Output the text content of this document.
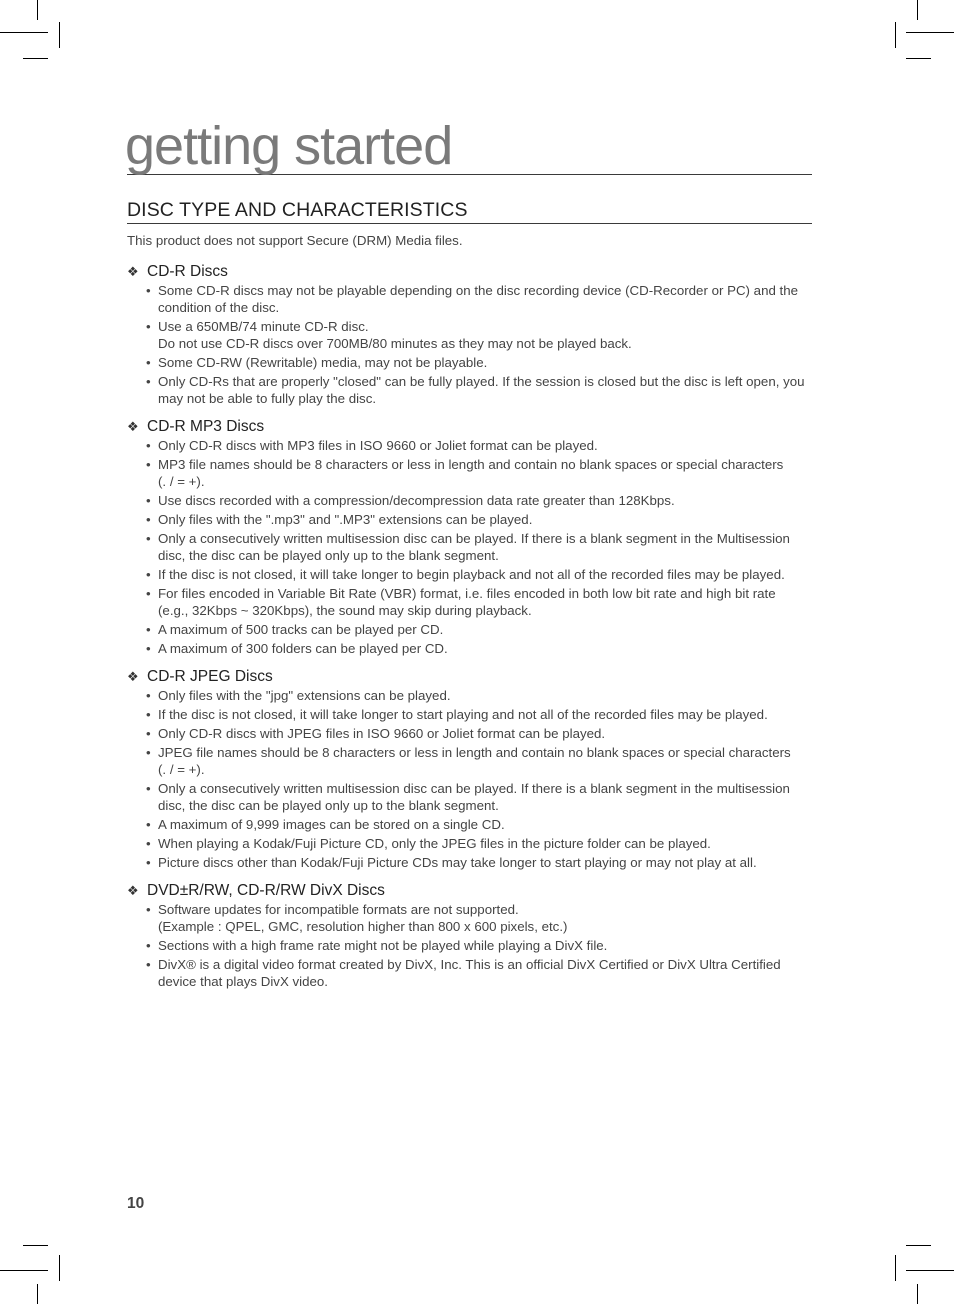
getting started
DISC TYPE AND CHARACTERISTICS
This product does not support Secure (DRM) Media files.
❖ CD-R Discs
• Some CD-R discs may not be playable depending on the disc recording device (CD-Recorder or PC) and the condition of the disc.
• Use a 650MB/74 minute CD-R disc.
Do not use CD-R discs over 700MB/80 minutes as they may not be played back.
• Some CD-RW (Rewritable) media, may not be playable.
• Only CD-Rs that are properly "closed" can be fully played. If the session is closed but the disc is left open, you may not be able to fully play the disc.
❖ CD-R MP3 Discs
• Only CD-R discs with MP3 files in ISO 9660 or Joliet format can be played.
• MP3 file names should be 8 characters or less in length and contain no blank spaces or special characters
(. / = +).
• Use discs recorded with a compression/decompression data rate greater than 128Kbps.
• Only files with the ".mp3" and ".MP3" extensions can be played.
• Only a consecutively written multisession disc can be played. If there is a blank segment in the Multisession disc, the disc can be played only up to the blank segment.
• If the disc is not closed, it will take longer to begin playback and not all of the recorded files may be played.
• For files encoded in Variable Bit Rate (VBR) format, i.e. files encoded in both low bit rate and high bit rate
(e.g., 32Kbps ~ 320Kbps), the sound may skip during playback.
• A maximum of 500 tracks can be played per CD.
• A maximum of 300 folders can be played per CD.
❖ CD-R JPEG Discs
• Only files with the "jpg" extensions can be played.
• If the disc is not closed, it will take longer to start playing and not all of the recorded files may be played.
• Only CD-R discs with JPEG files in ISO 9660 or Joliet format can be played.
• JPEG file names should be 8 characters or less in length and contain no blank spaces or special characters
(. / = +).
• Only a consecutively written multisession disc can be played. If there is a blank segment in the multisession disc, the disc can be played only up to the blank segment.
• A maximum of 9,999 images can be stored on a single CD.
• When playing a Kodak/Fuji Picture CD, only the JPEG files in the picture folder can be played.
• Picture discs other than Kodak/Fuji Picture CDs may take longer to start playing or may not play at all.
❖ DVD±R/RW, CD-R/RW DivX Discs
• Software updates for incompatible formats are not supported.
(Example : QPEL, GMC, resolution higher than 800 x 600 pixels, etc.)
• Sections with a high frame rate might not be played while playing a DivX file.
• DivX® is a digital video format created by DivX, Inc. This is an official DivX Certified or DivX Ultra Certified device that plays DivX video.
10
